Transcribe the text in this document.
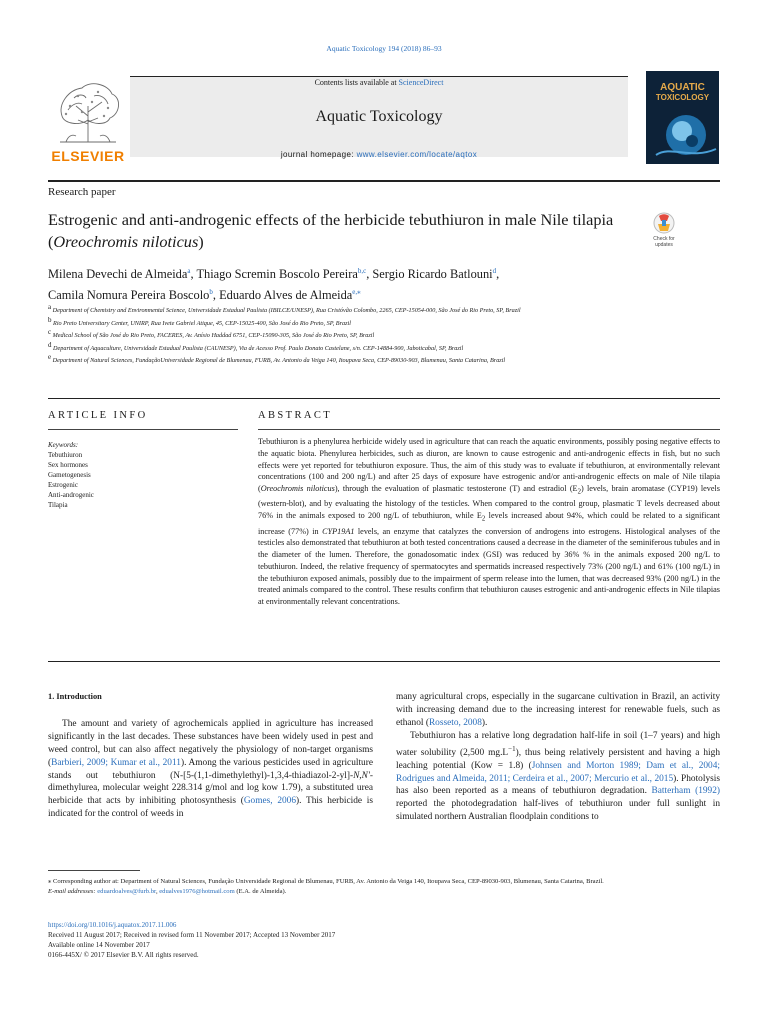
Aquatic Toxicology 194 (2018) 86–93
ELSEVIER
Contents lists available at ScienceDirect
Aquatic Toxicology
journal homepage: www.elsevier.com/locate/aqtox
AQUATIC
TOXICOLOGY
Research paper
Estrogenic and anti-androgenic effects of the herbicide tebuthiuron in male Nile tilapia (Oreochromis niloticus)	Check for updates
Milena Devechi de Almeida$^a$, Thiago Scremin Boscolo Pereira$^{b,c}$, Sergio Ricardo Batlouni$^d$,
Camila Nomura Pereira Boscolo$^b$, Eduardo Alves de Almeida$^{e,⁎}$
$^a$ Department of Chemistry and Environmental Science, Universidade Estadual Paulista (IBILCE/UNESP), Rua Cristóvão Colombo, 2265, CEP-15054-000, São José do Rio Preto, SP, Brazil
$^b$ Rio Preto Universitary Center, UNIRP, Rua Ivete Gabriel Atique, 45, CEP-15025-400, São José do Rio Preto, SP, Brazil
$^c$ Medical School of São José do Rio Preto, FACERES, Av. Anísio Haddad 6751, CEP-15090-305, São José do Rio Preto, SP, Brazil
$^d$ Department of Aquaculture, Universidade Estadual Paulista (CAUNESP), Via de Acesso Prof. Paulo Donato Castelane, s/n. CEP-14884-900, Jaboticabal, SP, Brazil
$^e$ Department of Natural Sciences, FundaçãoUniversidade Regional de Blumenau, FURB, Av. Antonio da Veiga 140, Itoupava Seca, CEP-89030-903, Blumenau, Santa Catarina, Brazil
ARTICLE INFO	ABSTRACT
Keywords:
Tebuthiuron
Sex hormones
Gametogenesis
Estrogenic
Anti-androgenic
Tilapia
Tebuthiuron is a phenylurea herbicide widely used in agriculture that can reach the aquatic environments, possibly posing negative effects to the aquatic biota. Phenylurea herbicides, such as diuron, are known to cause estrogenic and anti-androgenic effects in fish, but no such effects were yet reported for tebuthiuron exposure. Thus, the aim of this study was to evaluate if tebuthiuron, at environmentally relevant concentrations (100 and 200 ng/L) and after 25 days of exposure have estrogenic and/or anti-androgenic effects on male of Nile tilapia (Oreochromis niloticus), through the evaluation of plasmatic testosterone (T) and estradiol $(E_2)$ levels, brain aromatase (CYP19) levels (western-blot), and by evaluating the histology of the testicles. When compared to the control group, plasmatic T levels decreased about 76% in the animals exposed to 200 ng/L of tebuthiuron, while $E_2$ levels increased about 94%, which could be related to a significant increase (77%) in CYP19A1 levels, an enzyme that catalyzes the conversion of androgens into estrogens. Histological analyses of the testicles also demonstrated that tebuthiuron at both tested concentrations caused a decrease in the diameter of the seminiferous tubules and in the diameter of the lumen. Therefore, the gonadosomatic index (GSI) was reduced by 36% % in the animals exposed 200 ng/L to tebuthiuron. Indeed, the relative frequency of spermatocytes and spermatids increased respectively 73% (200 ng/L) and 61% (100 ng/L) in the tebuthiuron exposed animals, possibly due to the impairment of sperm release into the lumen, that was decreased 93% (200 ng/L) in the treated animals compared to the control. These results confirm that tebuthiuron causes estrogenic and anti-androgenic effects in Nile tilapias at environmentally relevant concentrations.
1. Introduction

The amount and variety of agrochemicals applied in agriculture has increased significantly in the last decades. These substances have been widely used in pest and weed control, but can also affect negatively the physiology of non-target organisms (Barbieri, 2009; Kumar et al., 2011). Among the various pesticides used in agriculture stands out tebuthiuron (N-[5-(1,1-dimethylethyl)-1,3,4-thiadiazol-2-yl]-N,N'-dimethylurea, molecular weight 228.314 g/mol and log kow 1.79), a substituted urea herbicide that acts by inhibiting photosynthesis (Gomes, 2006). This herbicide is indicated for the control of weeds in

many agricultural crops, especially in the sugarcane cultivation in Brazil, an activity with increasing demand due to the increasing interest for renewable fuels, such as ethanol (Rosseto, 2008).

Tebuthiuron has a relative long degradation half-life in soil (1–7 years) and high water solubility (2,500 $mg.L^{-1}$), thus being relatively persistent and having a high leaching potential (Kow = 1.8) (Johnsen and Morton 1989; Dam et al., 2004; Rodrigues and Almeida, 2011; Cerdeira et al., 2007; Mercurio et al., 2015). Photolysis has also been reported as a means of tebuthiuron degradation. Batterham (1992) reported the photodegradation half-lives of tebuthiuron under full sunlight in simulated northern Australian floodplain conditions to

⁎ Corresponding author at: Department of Natural Sciences, Fundação Universidade Regional de Blumenau, FURB, Av. Antonio da Veiga 140, Itoupava Seca, CEP-89030-903, Blumenau, Santa Catarina, Brazil.
E-mail addresses: eduardoalves@furb.br, edualves1976@hotmail.com (E.A. de Almeida).
https://doi.org/10.1016/j.aquatox.2017.11.006
Received 11 August 2017; Received in revised form 11 November 2017; Accepted 13 November 2017
Available online 14 November 2017
0166-445X/ © 2017 Elsevier B.V. All rights reserved.
